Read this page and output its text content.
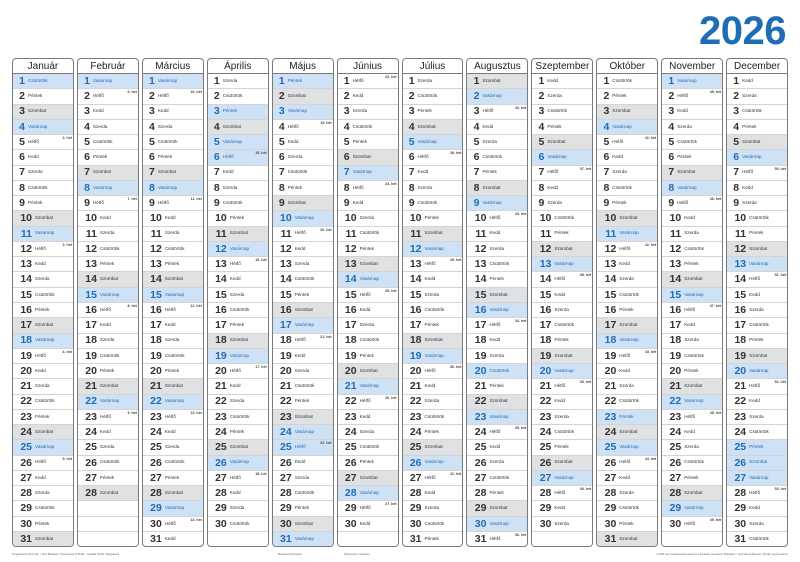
2026
Január
1 Csütörtök
2 Péntek
3 Szombat
4 Vasárnap
5 Hétfő
2. hét
6 Kedd
7 Szerda
8 Csütörtök
9 Péntek
10 Szombat
11 Vasárnap
12 Hétfő
3. hét
13 Kedd
14 Szerda
15 Csütörtök
16 Péntek
17 Szombat
18 Vasárnap
19 Hétfő
4. hét
20 Kedd
21 Szerda
22 Csütörtök
23 Péntek
24 Szombat
25 Vasárnap
26 Hétfő
5. hét
27 Kedd
28 Szerda
29 Csütörtök
30 Péntek
31 Szombat
Február
1 Vasárnap
2 Hétfő
6. hét
3 Kedd
4 Szerda
5 Csütörtök
6 Péntek
7 Szombat
8 Vasárnap
9 Hétfő
7. hét
10 Kedd
11 Szerda
12 Csütörtök
13 Péntek
14 Szombat
15 Vasárnap
16 Hétfő
8. hét
17 Kedd
18 Szerda
19 Csütörtök
20 Péntek
21 Szombat
22 Vasárnap
23 Hétfő
9. hét
24 Kedd
25 Szerda
26 Csütörtök
27 Péntek
28 Szombat
Március
1 Vasárnap
2 Hétfő
10. hét
3 Kedd
4 Szerda
5 Csütörtök
6 Péntek
7 Szombat
8 Vasárnap
9 Hétfő
11. hét
10 Kedd
11 Szerda
12 Csütörtök
13 Péntek
14 Szombat
15 Vasárnap
16 Hétfő
12. hét
17 Kedd
18 Szerda
19 Csütörtök
20 Péntek
21 Szombat
22 Vasárnap
23 Hétfő
13. hét
24 Kedd
25 Szerda
26 Csütörtök
27 Péntek
28 Szombat
29 Vasárnap
30 Hétfő
14. hét
31 Kedd
Április
1 Szerda
2 Csütörtök
3 Péntek
4 Szombat
5 Vasárnap
6 Hétfő
15. hét
7 Kedd
8 Szerda
9 Csütörtök
10 Péntek
11 Szombat
12 Vasárnap
13 Hétfő
16. hét
14 Kedd
15 Szerda
16 Csütörtök
17 Péntek
18 Szombat
19 Vasárnap
20 Hétfő
17. hét
21 Kedd
22 Szerda
23 Csütörtök
24 Péntek
25 Szombat
26 Vasárnap
27 Hétfő
18. hét
28 Kedd
29 Szerda
30 Csütörtök
Május
1 Péntek
2 Szombat
3 Vasárnap
4 Hétfő
19. hét
5 Kedd
6 Szerda
7 Csütörtök
8 Péntek
9 Szombat
10 Vasárnap
11 Hétfő
20. hét
12 Kedd
13 Szerda
14 Csütörtök
15 Péntek
16 Szombat
17 Vasárnap
18 Hétfő
21. hét
19 Kedd
20 Szerda
21 Csütörtök
22 Péntek
23 Szombat
24 Vasárnap
25 Hétfő
22. hét
26 Kedd
27 Szerda
28 Csütörtök
29 Péntek
30 Szombat
31 Vasárnap
Június
1 Hétfő
23. hét
2 Kedd
3 Szerda
4 Csütörtök
5 Péntek
6 Szombat
7 Vasárnap
8 Hétfő
24. hét
9 Kedd
10 Szerda
11 Csütörtök
12 Péntek
13 Szombat
14 Vasárnap
15 Hétfő
25. hét
16 Kedd
17 Szerda
18 Csütörtök
19 Péntek
20 Szombat
21 Vasárnap
22 Hétfő
26. hét
23 Kedd
24 Szerda
25 Csütörtök
26 Péntek
27 Szombat
28 Vasárnap
29 Hétfő
27. hét
30 Kedd
Július
1 Szerda
2 Csütörtök
3 Péntek
4 Szombat
5 Vasárnap
6 Hétfő
28. hét
7 Kedd
8 Szerda
9 Csütörtök
10 Péntek
11 Szombat
12 Vasárnap
13 Hétfő
29. hét
14 Kedd
15 Szerda
16 Csütörtök
17 Péntek
18 Szombat
19 Vasárnap
20 Hétfő
30. hét
21 Kedd
22 Szerda
23 Csütörtök
24 Péntek
25 Szombat
26 Vasárnap
27 Hétfő
31. hét
28 Kedd
29 Szerda
30 Csütörtök
31 Péntek
Augusztus
1 Szombat
2 Vasárnap
3 Hétfő
32. hét
4 Kedd
5 Szerda
6 Csütörtök
7 Péntek
8 Szombat
9 Vasárnap
10 Hétfő
33. hét
11 Kedd
12 Szerda
13 Csütörtök
14 Péntek
15 Szombat
16 Vasárnap
17 Hétfő
34. hét
18 Kedd
19 Szerda
20 Csütörtök
21 Péntek
22 Szombat
23 Vasárnap
24 Hétfő
35. hét
25 Kedd
26 Szerda
27 Csütörtök
28 Péntek
29 Szombat
30 Vasárnap
31 Hétfő
36. hét
Szeptember
1 Kedd
2 Szerda
3 Csütörtök
4 Péntek
5 Szombat
6 Vasárnap
7 Hétfő
37. hét
8 Kedd
9 Szerda
10 Csütörtök
11 Péntek
12 Szombat
13 Vasárnap
14 Hétfő
38. hét
15 Kedd
16 Szerda
17 Csütörtök
18 Péntek
19 Szombat
20 Vasárnap
21 Hétfő
39. hét
22 Kedd
23 Szerda
24 Csütörtök
25 Péntek
26 Szombat
27 Vasárnap
28 Hétfő
40. hét
29 Kedd
30 Szerda
Október
1 Csütörtök
2 Péntek
3 Szombat
4 Vasárnap
5 Hétfő
41. hét
6 Kedd
7 Szerda
8 Csütörtök
9 Péntek
10 Szombat
11 Vasárnap
12 Hétfő
42. hét
13 Kedd
14 Szerda
15 Csütörtök
16 Péntek
17 Szombat
18 Vasárnap
19 Hétfő
43. hét
20 Kedd
21 Szerda
22 Csütörtök
23 Péntek
24 Szombat
25 Vasárnap
26 Hétfő
44. hét
27 Kedd
28 Szerda
29 Csütörtök
30 Péntek
31 Szombat
November
1 Vasárnap
2 Hétfő
45. hét
3 Kedd
4 Szerda
5 Csütörtök
6 Péntek
7 Szombat
8 Vasárnap
9 Hétfő
46. hét
10 Kedd
11 Szerda
12 Csütörtök
13 Péntek
14 Szombat
15 Vasárnap
16 Hétfő
47. hét
17 Kedd
18 Szerda
19 Csütörtök
20 Péntek
21 Szombat
22 Vasárnap
23 Hétfő
48. hét
24 Kedd
25 Szerda
26 Csütörtök
27 Péntek
28 Szombat
29 Vasárnap
30 Hétfő
49. hét
December
1 Kedd
2 Szerda
3 Csütörtök
4 Péntek
5 Szombat
6 Vasárnap
7 Hétfő
50. hét
8 Kedd
9 Szerda
10 Csütörtök
11 Péntek
12 Szombat
13 Vasárnap
14 Hétfő
51. hét
15 Kedd
16 Szerda
17 Csütörtök
18 Péntek
19 Szombat
20 Vasárnap
21 Hétfő
52. hét
22 Kedd
23 Szerda
24 Csütörtök
25 Péntek
26 Szombat
27 Vasárnap
28 Hétfő
53. hét
29 Kedd
30 Szerda
31 Csütörtök
Forgalmazza: Remi Kft. • 1211 Budapest, Szentendrei út 89-93. • Grafikai Stúdió: Megjelenés	Munkaszüneti napok	Áthelyezett munkanap	A 2026. évi munkaszüneti napok és a hivatalos névnapok • Betűtípus • Nyomdai kivitelezés • Minden jog fenntartva
